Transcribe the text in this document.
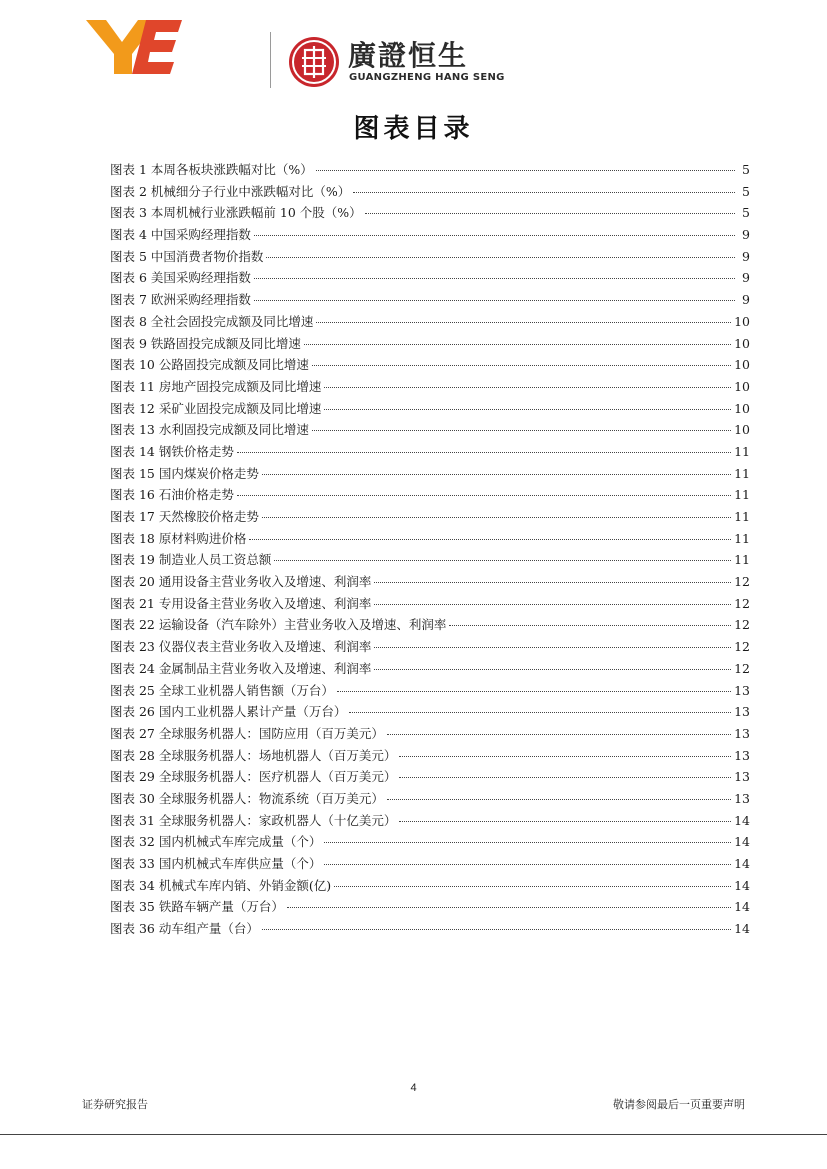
廣證恒生
GUANGZHENG HANG SENG
图表目录
图表 1 本周各板块涨跌幅对比（%）	5
图表 2 机械细分子行业中涨跌幅对比（%）	5
图表 3 本周机械行业涨跌幅前 10 个股（%）	5
图表 4 中国采购经理指数	9
图表 5 中国消费者物价指数	9
图表 6 美国采购经理指数	9
图表 7 欧洲采购经理指数	9
图表 8 全社会固投完成额及同比增速	10
图表 9 铁路固投完成额及同比增速	10
图表 10 公路固投完成额及同比增速	10
图表 11 房地产固投完成额及同比增速	10
图表 12 采矿业固投完成额及同比增速	10
图表 13 水利固投完成额及同比增速	10
图表 14 钢铁价格走势	11
图表 15 国内煤炭价格走势	11
图表 16 石油价格走势	11
图表 17 天然橡胶价格走势	11
图表 18 原材料购进价格	11
图表 19 制造业人员工资总额	11
图表 20 通用设备主营业务收入及增速、利润率	12
图表 21 专用设备主营业务收入及增速、利润率	12
图表 22 运输设备（汽车除外）主营业务收入及增速、利润率	12
图表 23 仪器仪表主营业务收入及增速、利润率	12
图表 24 金属制品主营业务收入及增速、利润率	12
图表 25 全球工业机器人销售额（万台）	13
图表 26 国内工业机器人累计产量（万台）	13
图表 27 全球服务机器人：国防应用（百万美元）	13
图表 28 全球服务机器人：场地机器人（百万美元）	13
图表 29 全球服务机器人：医疗机器人（百万美元）	13
图表 30 全球服务机器人：物流系统（百万美元）	13
图表 31 全球服务机器人：家政机器人（十亿美元）	14
图表 32 国内机械式车库完成量（个）	14
图表 33 国内机械式车库供应量（个）	14
图表 34 机械式车库内销、外销金额(亿)	14
图表 35 铁路车辆产量（万台）	14
图表 36 动车组产量（台）	14
4
证券研究报告	敬请参阅最后一页重要声明
